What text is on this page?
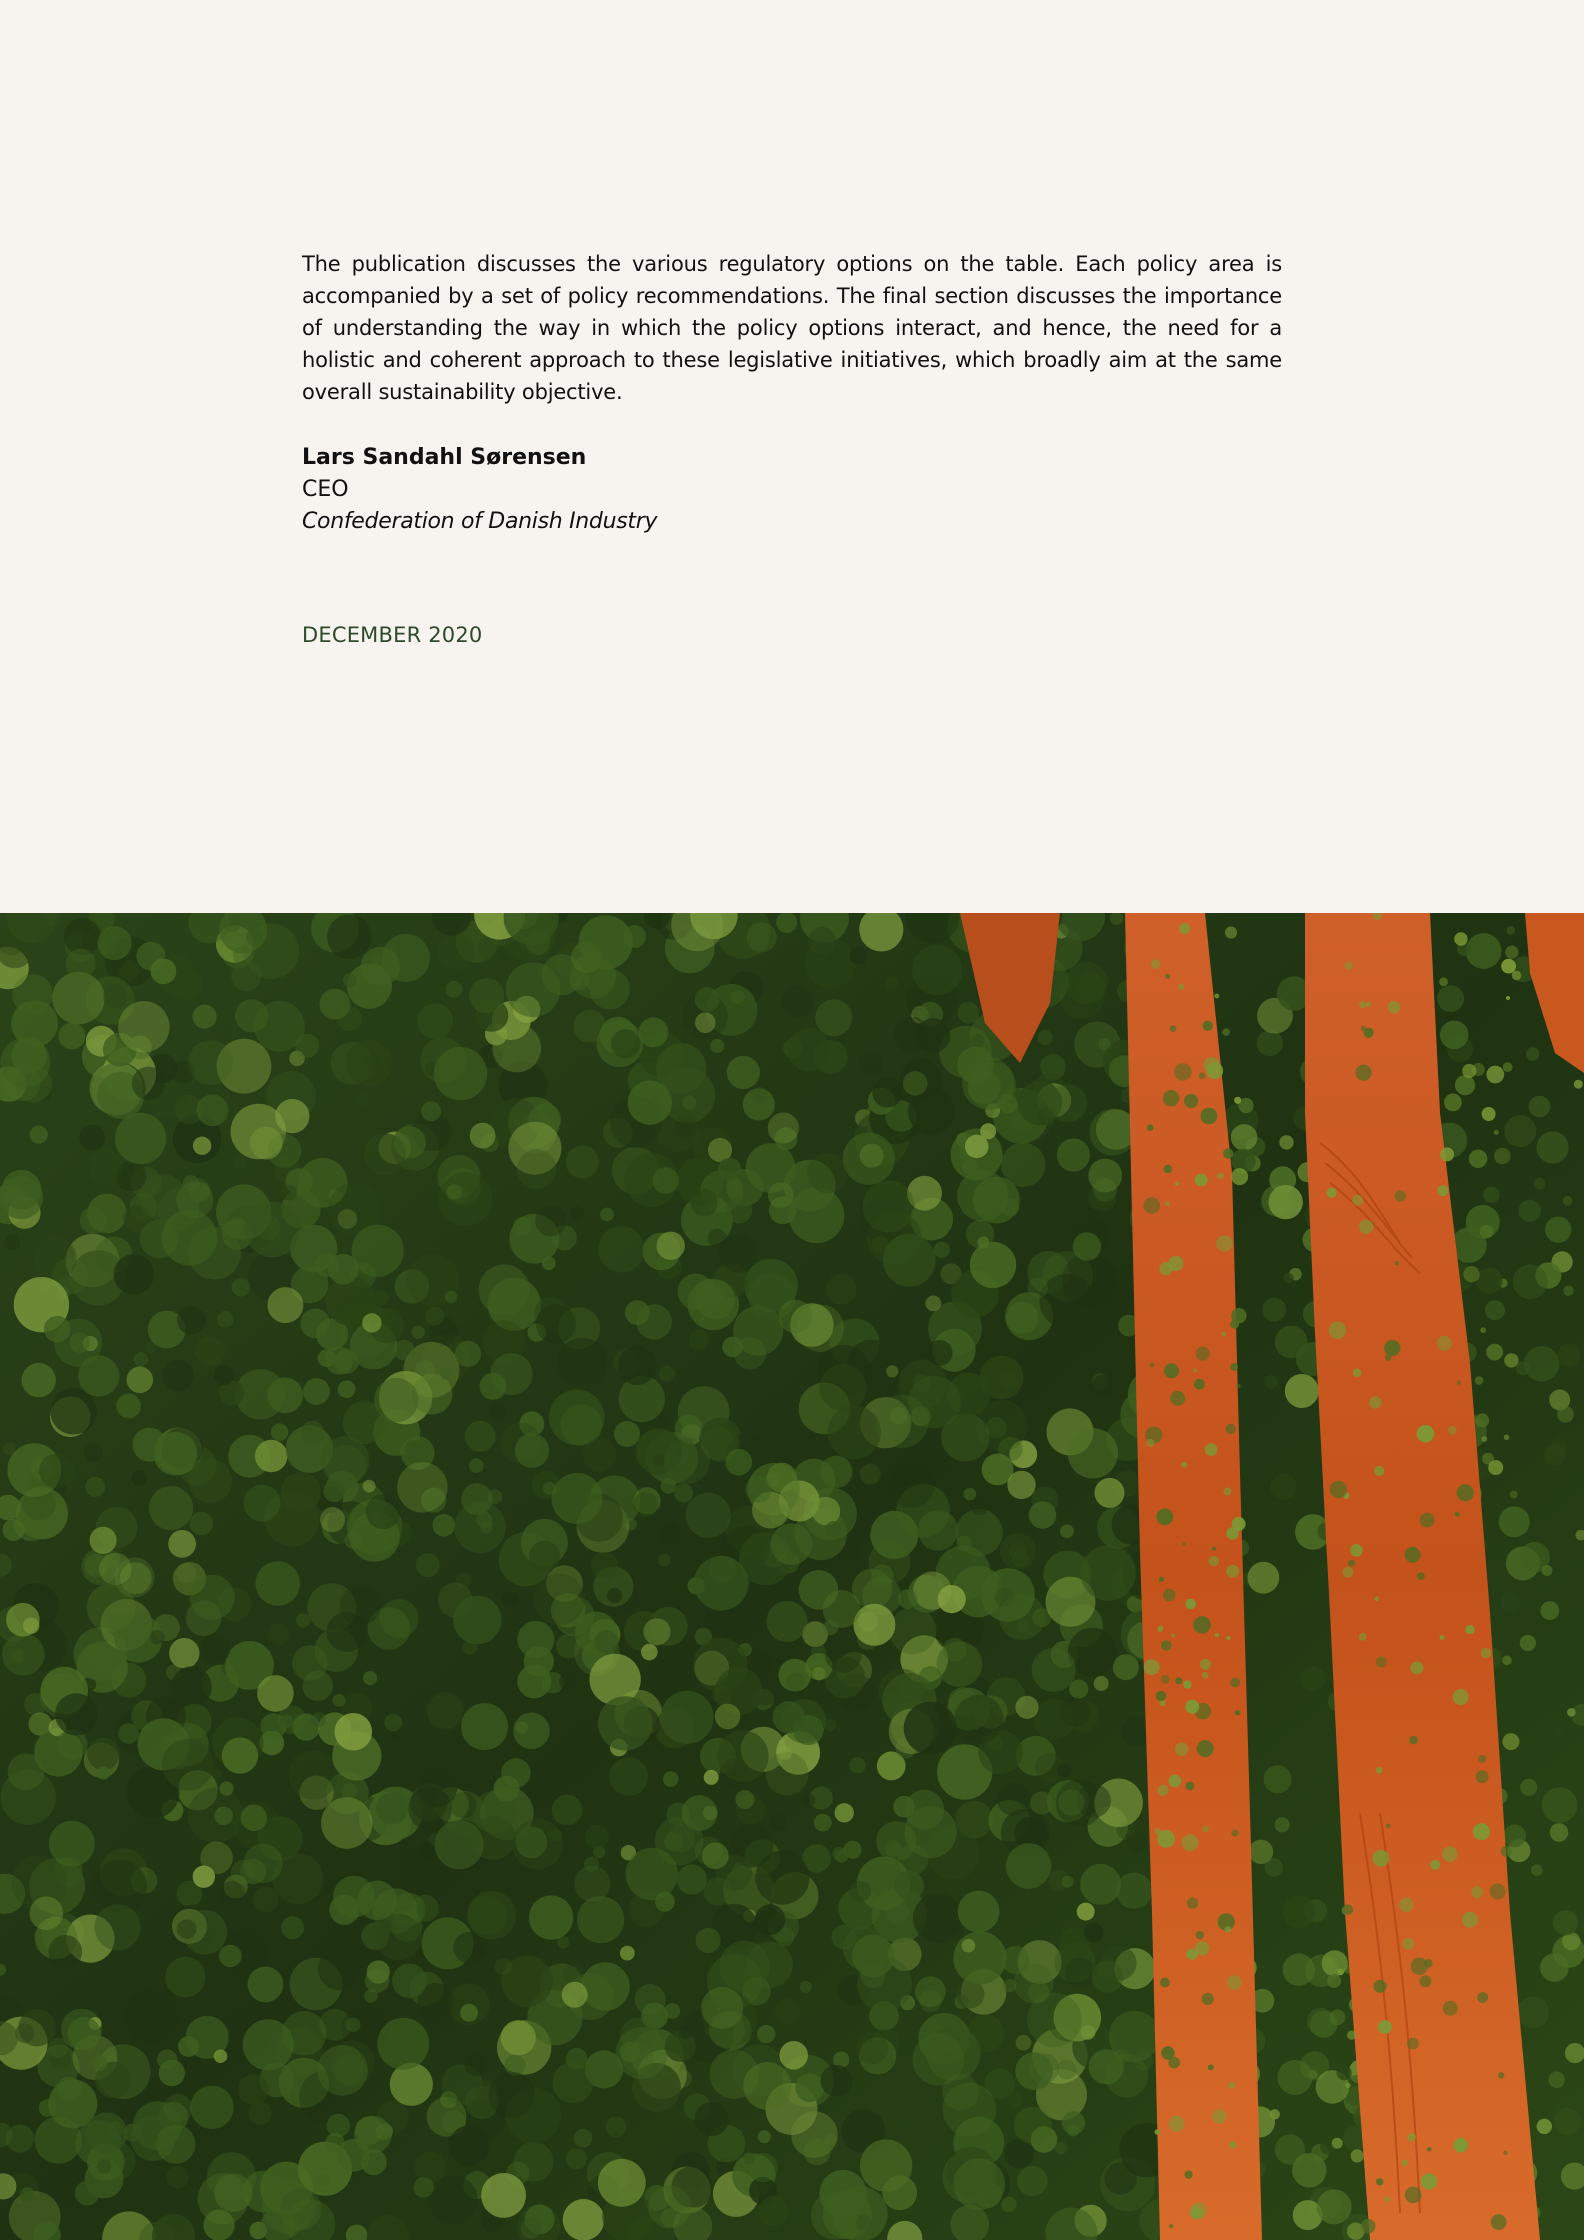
The publication discusses the various regulatory options on the table. Each policy area is accompanied by a set of policy recommendations. The final section discusses the importance of understanding the way in which the policy options interact, and hence, the need for a holistic and coherent approach to these legislative initiatives, which broadly aim at the same overall sustainability objective.

Lars Sandahl Sørensen
CEO
Confederation of Danish Industry

DECEMBER 2020
